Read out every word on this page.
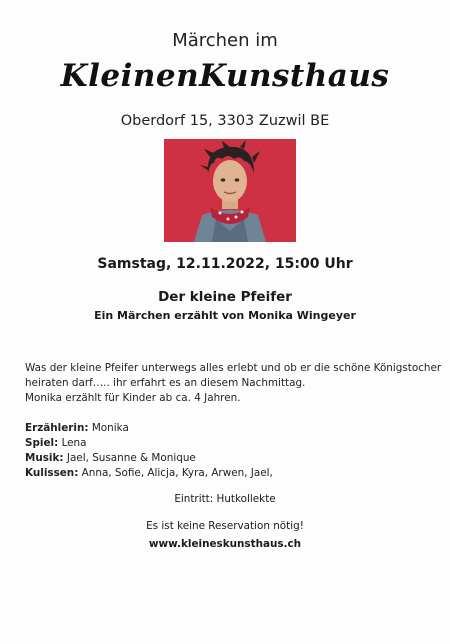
Märchen im
KleinenKunsthaus
Oberdorf 15, 3303 Zuzwil BE
Samstag, 12.11.2022, 15:00 Uhr
Der kleine Pfeifer
Ein Märchen erzählt von Monika Wingeyer
Was der kleine Pfeifer unterwegs alles erlebt und ob er die schöne Königstocher
heiraten darf….. ihr erfahrt es an diesem Nachmittag.
Monika erzählt für Kinder ab ca. 4 Jahren.
Erzählerin: Monika
Spiel: Lena
Musik: Jael, Susanne & Monique
Kulissen: Anna, Sofie, Alicja, Kyra, Arwen, Jael,
Eintritt: Hutkollekte
Es ist keine Reservation nötig!
www.kleineskunsthaus.ch
